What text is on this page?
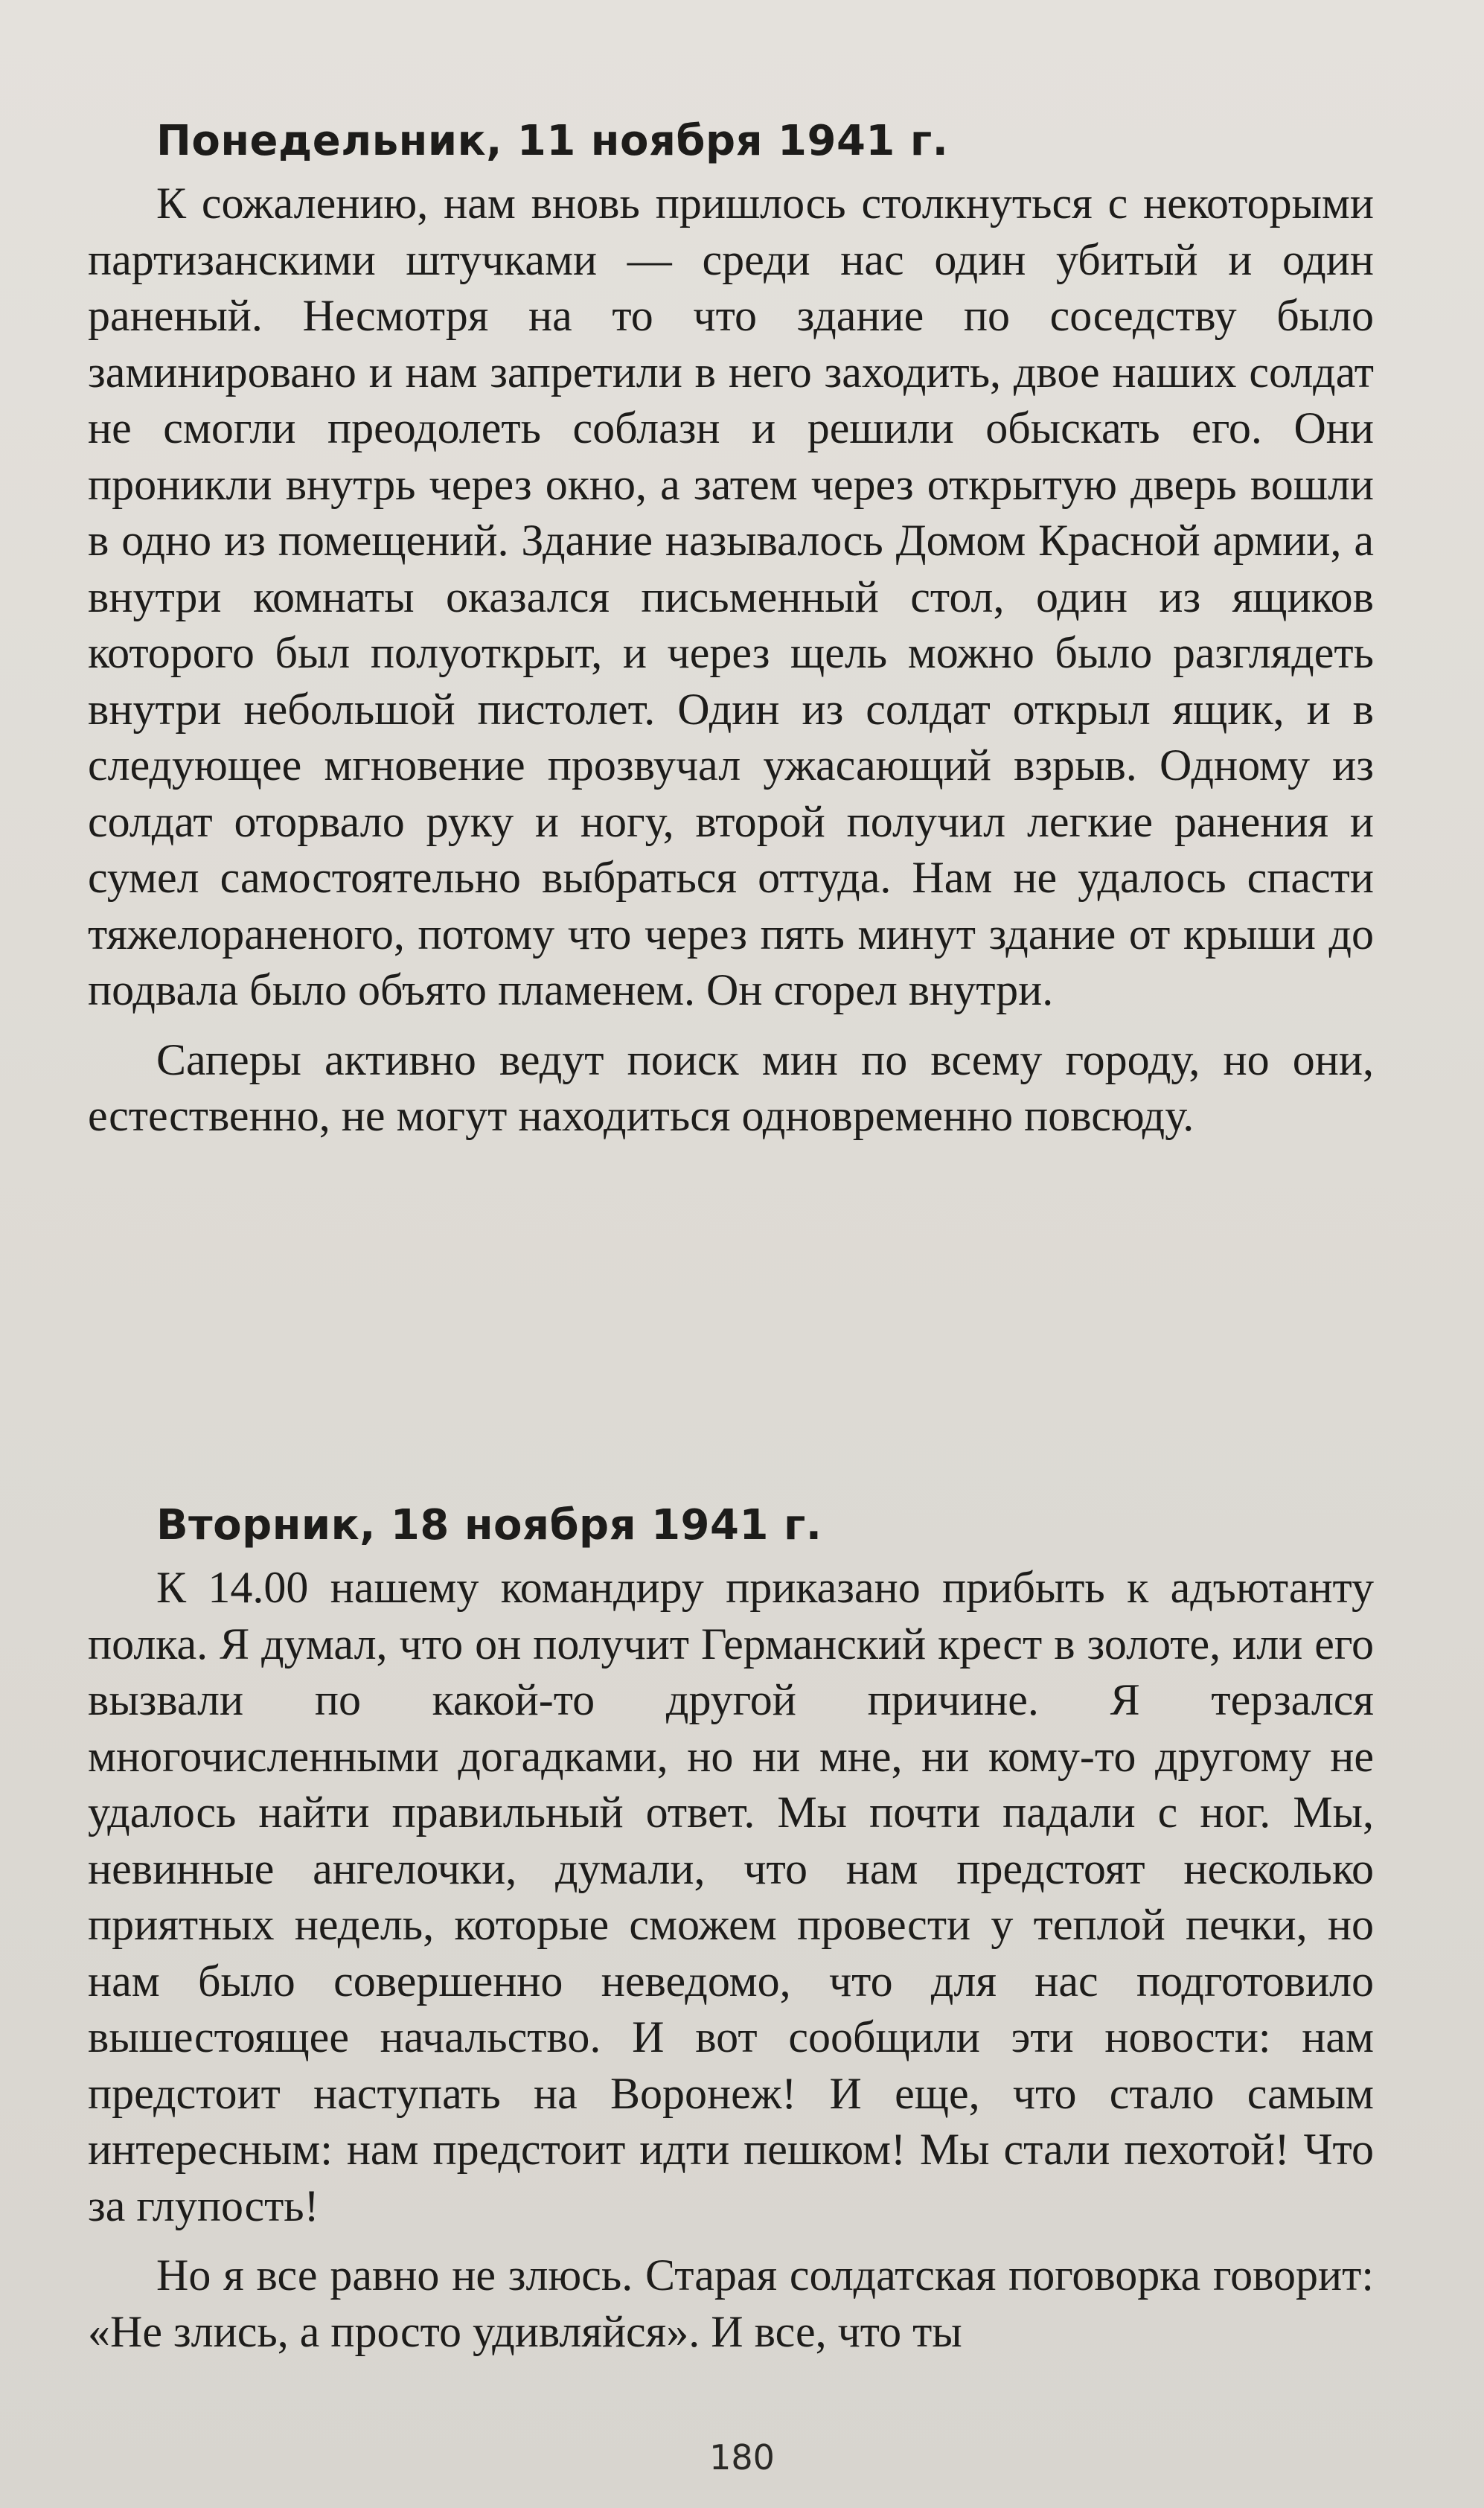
Понедельник, 11 ноября 1941 г.

К сожалению, нам вновь пришлось столкнуться с некоторыми партизанскими штучками — среди нас один убитый и один раненый. Несмотря на то что здание по соседству было заминировано и нам запретили в него заходить, двое наших солдат не смогли преодолеть соблазн и решили обыскать его. Они проникли внутрь через окно, а затем через открытую дверь вошли в одно из помещений. Здание называлось Домом Красной армии, а внутри комнаты оказался письменный стол, один из ящиков которого был полуоткрыт, и через щель можно было разглядеть внутри небольшой пистолет. Один из солдат открыл ящик, и в следующее мгновение прозвучал ужасающий взрыв. Одному из солдат оторвало руку и ногу, второй получил легкие ранения и сумел самостоятельно выбраться оттуда. Нам не удалось спасти тяжелораненого, потому что через пять минут здание от крыши до подвала было объято пламенем. Он сгорел внутри.

Саперы активно ведут поиск мин по всему городу, но они, естественно, не могут находиться одновременно повсюду.

Вторник, 18 ноября 1941 г.

К 14.00 нашему командиру приказано прибыть к адъютанту полка. Я думал, что он получит Германский крест в золоте, или его вызвали по какой-то другой причине. Я терзался многочисленными догадками, но ни мне, ни кому-то другому не удалось найти правильный ответ. Мы почти падали с ног. Мы, невинные ангелочки, думали, что нам предстоят несколько приятных недель, которые сможем провести у теплой печки, но нам было совершенно неведомо, что для нас подготовило вышестоящее начальство. И вот сообщили эти новости: нам предстоит наступать на Воронеж! И еще, что стало самым интересным: нам предстоит идти пешком! Мы стали пехотой! Что за глупость!

Но я все равно не злюсь. Старая солдатская поговорка говорит: «Не злись, а просто удивляйся». И все, что ты

180
